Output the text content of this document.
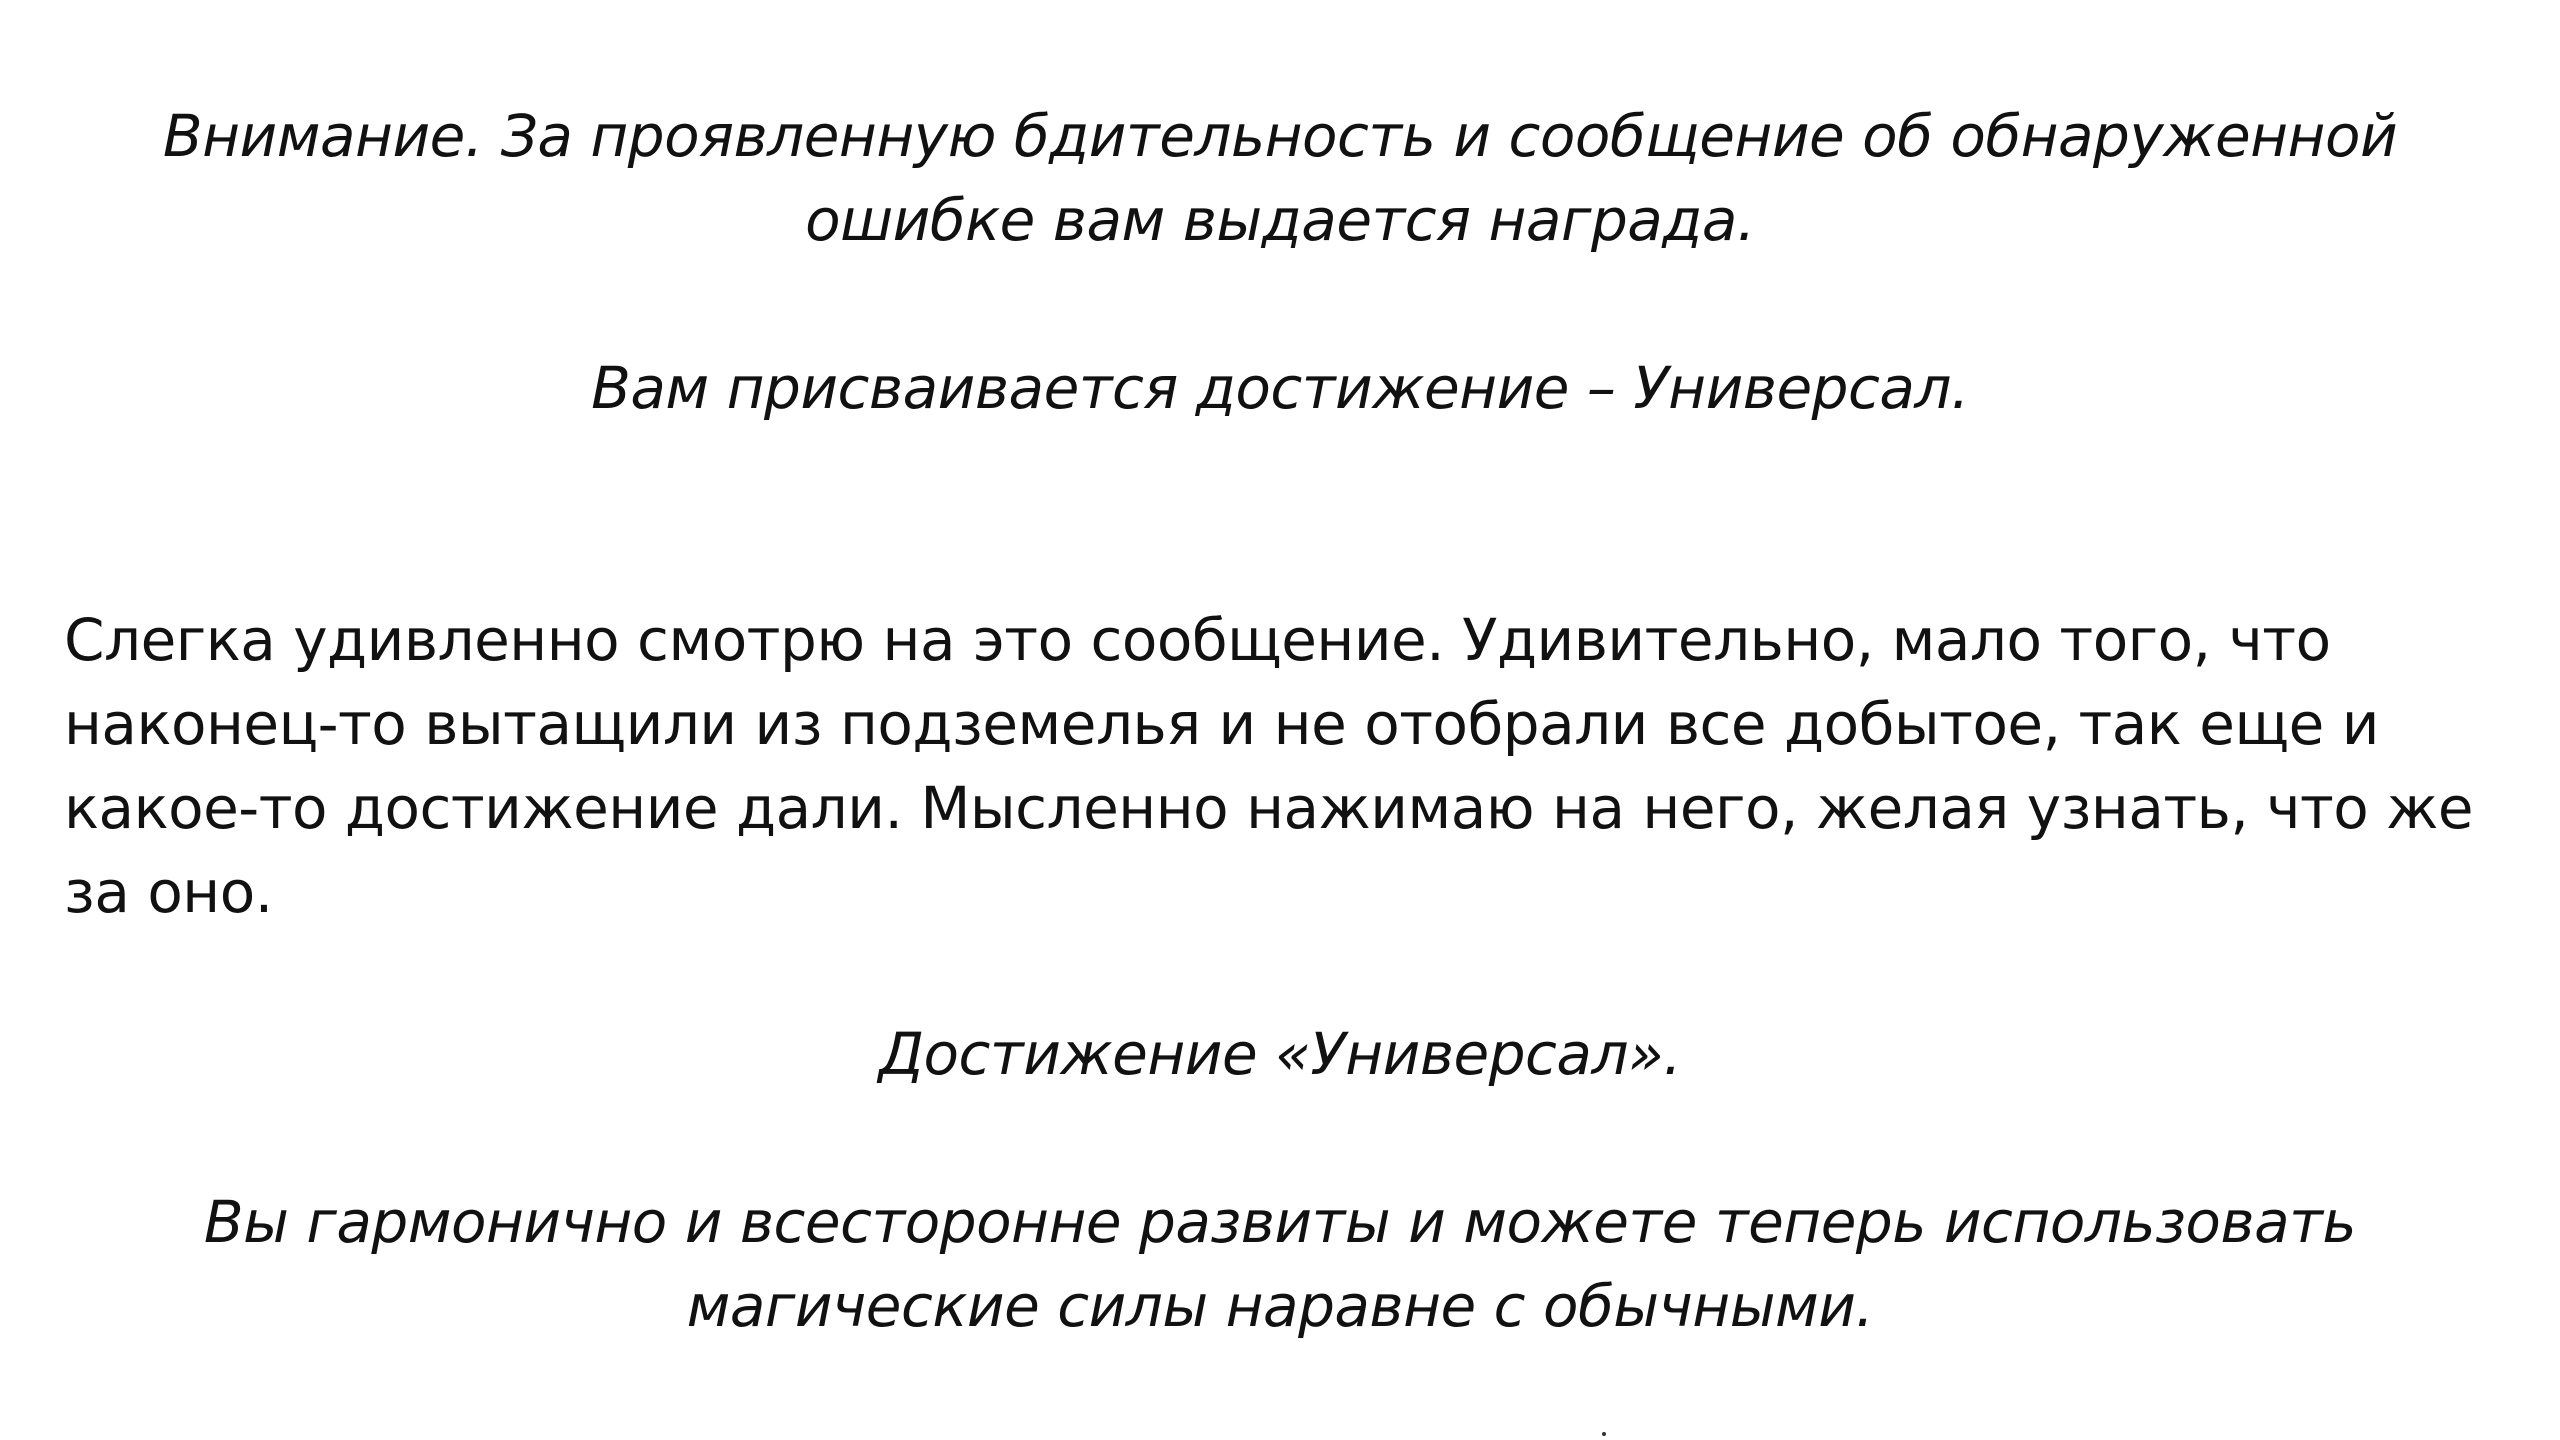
Внимание. За проявленную бдительность и сообщение об обнаруженной ошибке вам выдается награда.

Вам присваивается достижение – Универсал.

Слегка удивленно смотрю на это сообщение. Удивительно, мало того, что наконец-то вытащили из подземелья и не отобрали все добытое, так еще и какое-то достижение дали. Мысленно нажимаю на него, желая узнать, что же за оно.

Достижение «Универсал».

Вы гармонично и всесторонне развиты и можете теперь использовать магические силы наравне с обычными.
